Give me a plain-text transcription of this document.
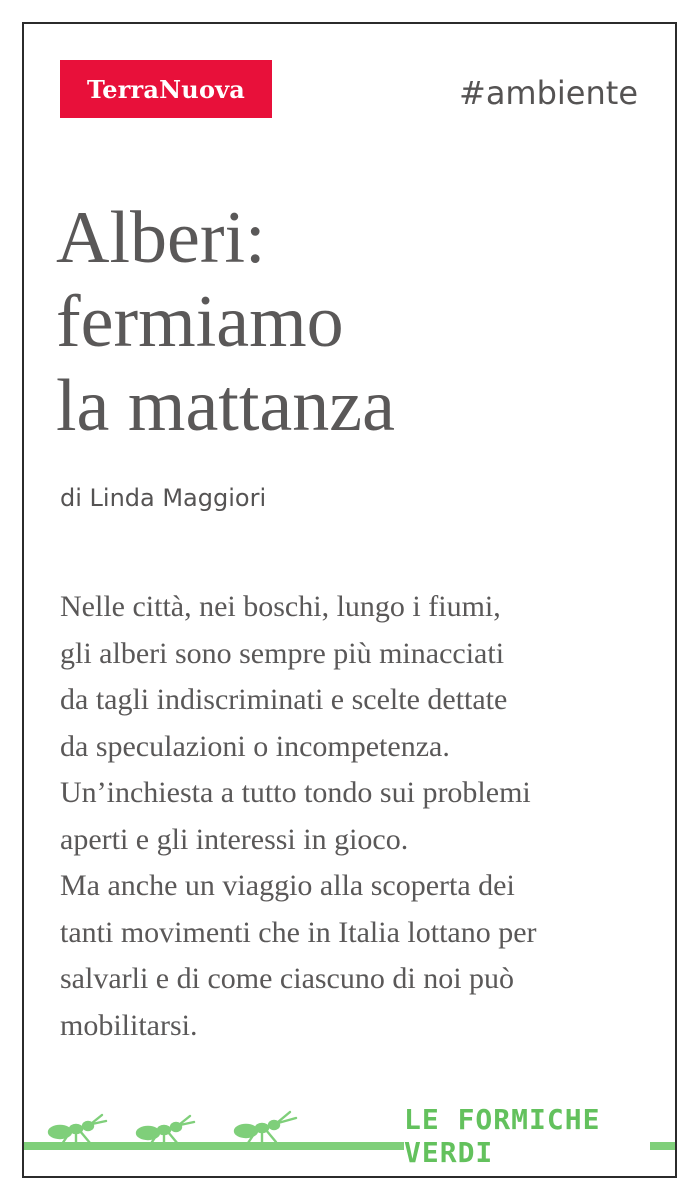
TerraNuova	#ambiente
Alberi:
fermiamo
la mattanza
di Linda Maggiori
Nelle città, nei boschi, lungo i fiumi,
gli alberi sono sempre più minacciati
da tagli indiscriminati e scelte dettate
da speculazioni o incompetenza.
Un’inchiesta a tutto tondo sui problemi
aperti e gli interessi in gioco.
Ma anche un viaggio alla scoperta dei
tanti movimenti che in Italia lottano per
salvarli e di come ciascuno di noi può
mobilitarsi.
LE FORMICHE VERDI
